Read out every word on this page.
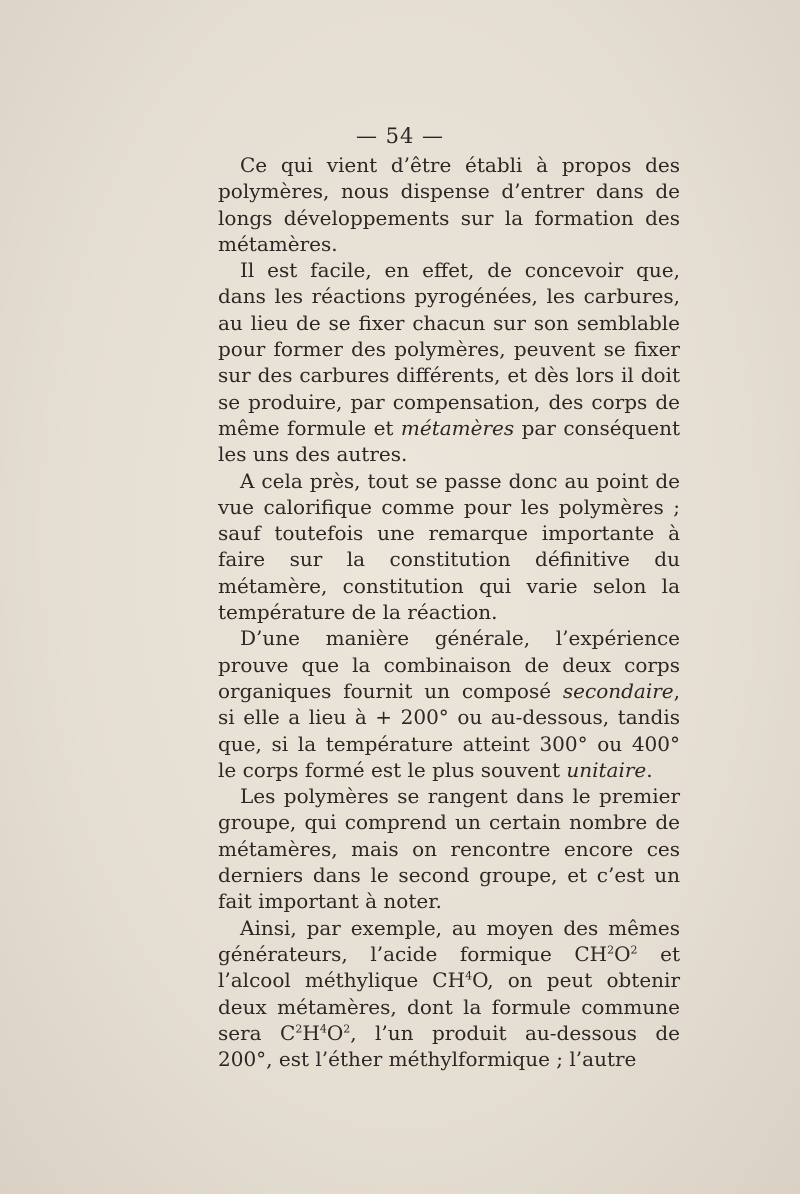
— 54 —

Ce qui vient d’être établi à propos des polymères, nous dispense d’entrer dans de longs développements sur la formation des métamères.

Il est facile, en effet, de concevoir que, dans les réactions pyrogénées, les carbures, au lieu de se fixer chacun sur son semblable pour former des polymères, peuvent se fixer sur des carbures différents, et dès lors il doit se produire, par compensation, des corps de même formule et métamères par conséquent les uns des autres.

A cela près, tout se passe donc au point de vue calorifique comme pour les polymères ; sauf toutefois une remarque importante à faire sur la constitution définitive du métamère, constitution qui varie selon la température de la réaction.

D’une manière générale, l’expérience prouve que la combinaison de deux corps organiques fournit un composé secondaire, si elle a lieu à + 200° ou au-dessous, tandis que, si la température atteint 300° ou 400° le corps formé est le plus souvent unitaire.

Les polymères se rangent dans le premier groupe, qui comprend un certain nombre de métamères, mais on rencontre encore ces derniers dans le second groupe, et c’est un fait important à noter.

Ainsi, par exemple, au moyen des mêmes générateurs, l’acide formique $CH^2O^2$ et l’alcool méthylique $CH^4O$, on peut obtenir deux métamères, dont la formule commune sera $C^2H^4O^2$, l’un produit au-dessous de 200°, est l’éther méthylformique ; l’autre
